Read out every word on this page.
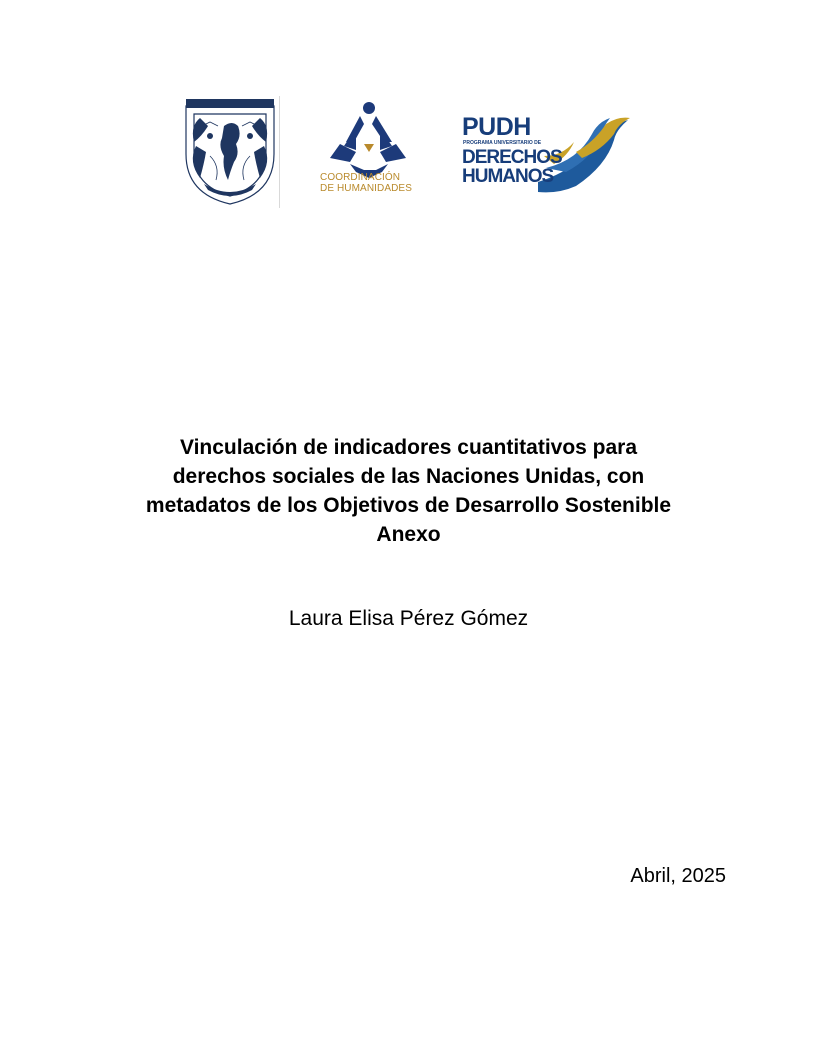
COORDINACIÓN
DE HUMANIDADES
PUDH
PROGRAMA UNIVERSITARIO DE
DERECHOS
HUMANOS
Vinculación de indicadores cuantitativos para
derechos sociales de las Naciones Unidas, con
metadatos de los Objetivos de Desarrollo Sostenible
Anexo
Laura Elisa Pérez Gómez
Abril, 2025
